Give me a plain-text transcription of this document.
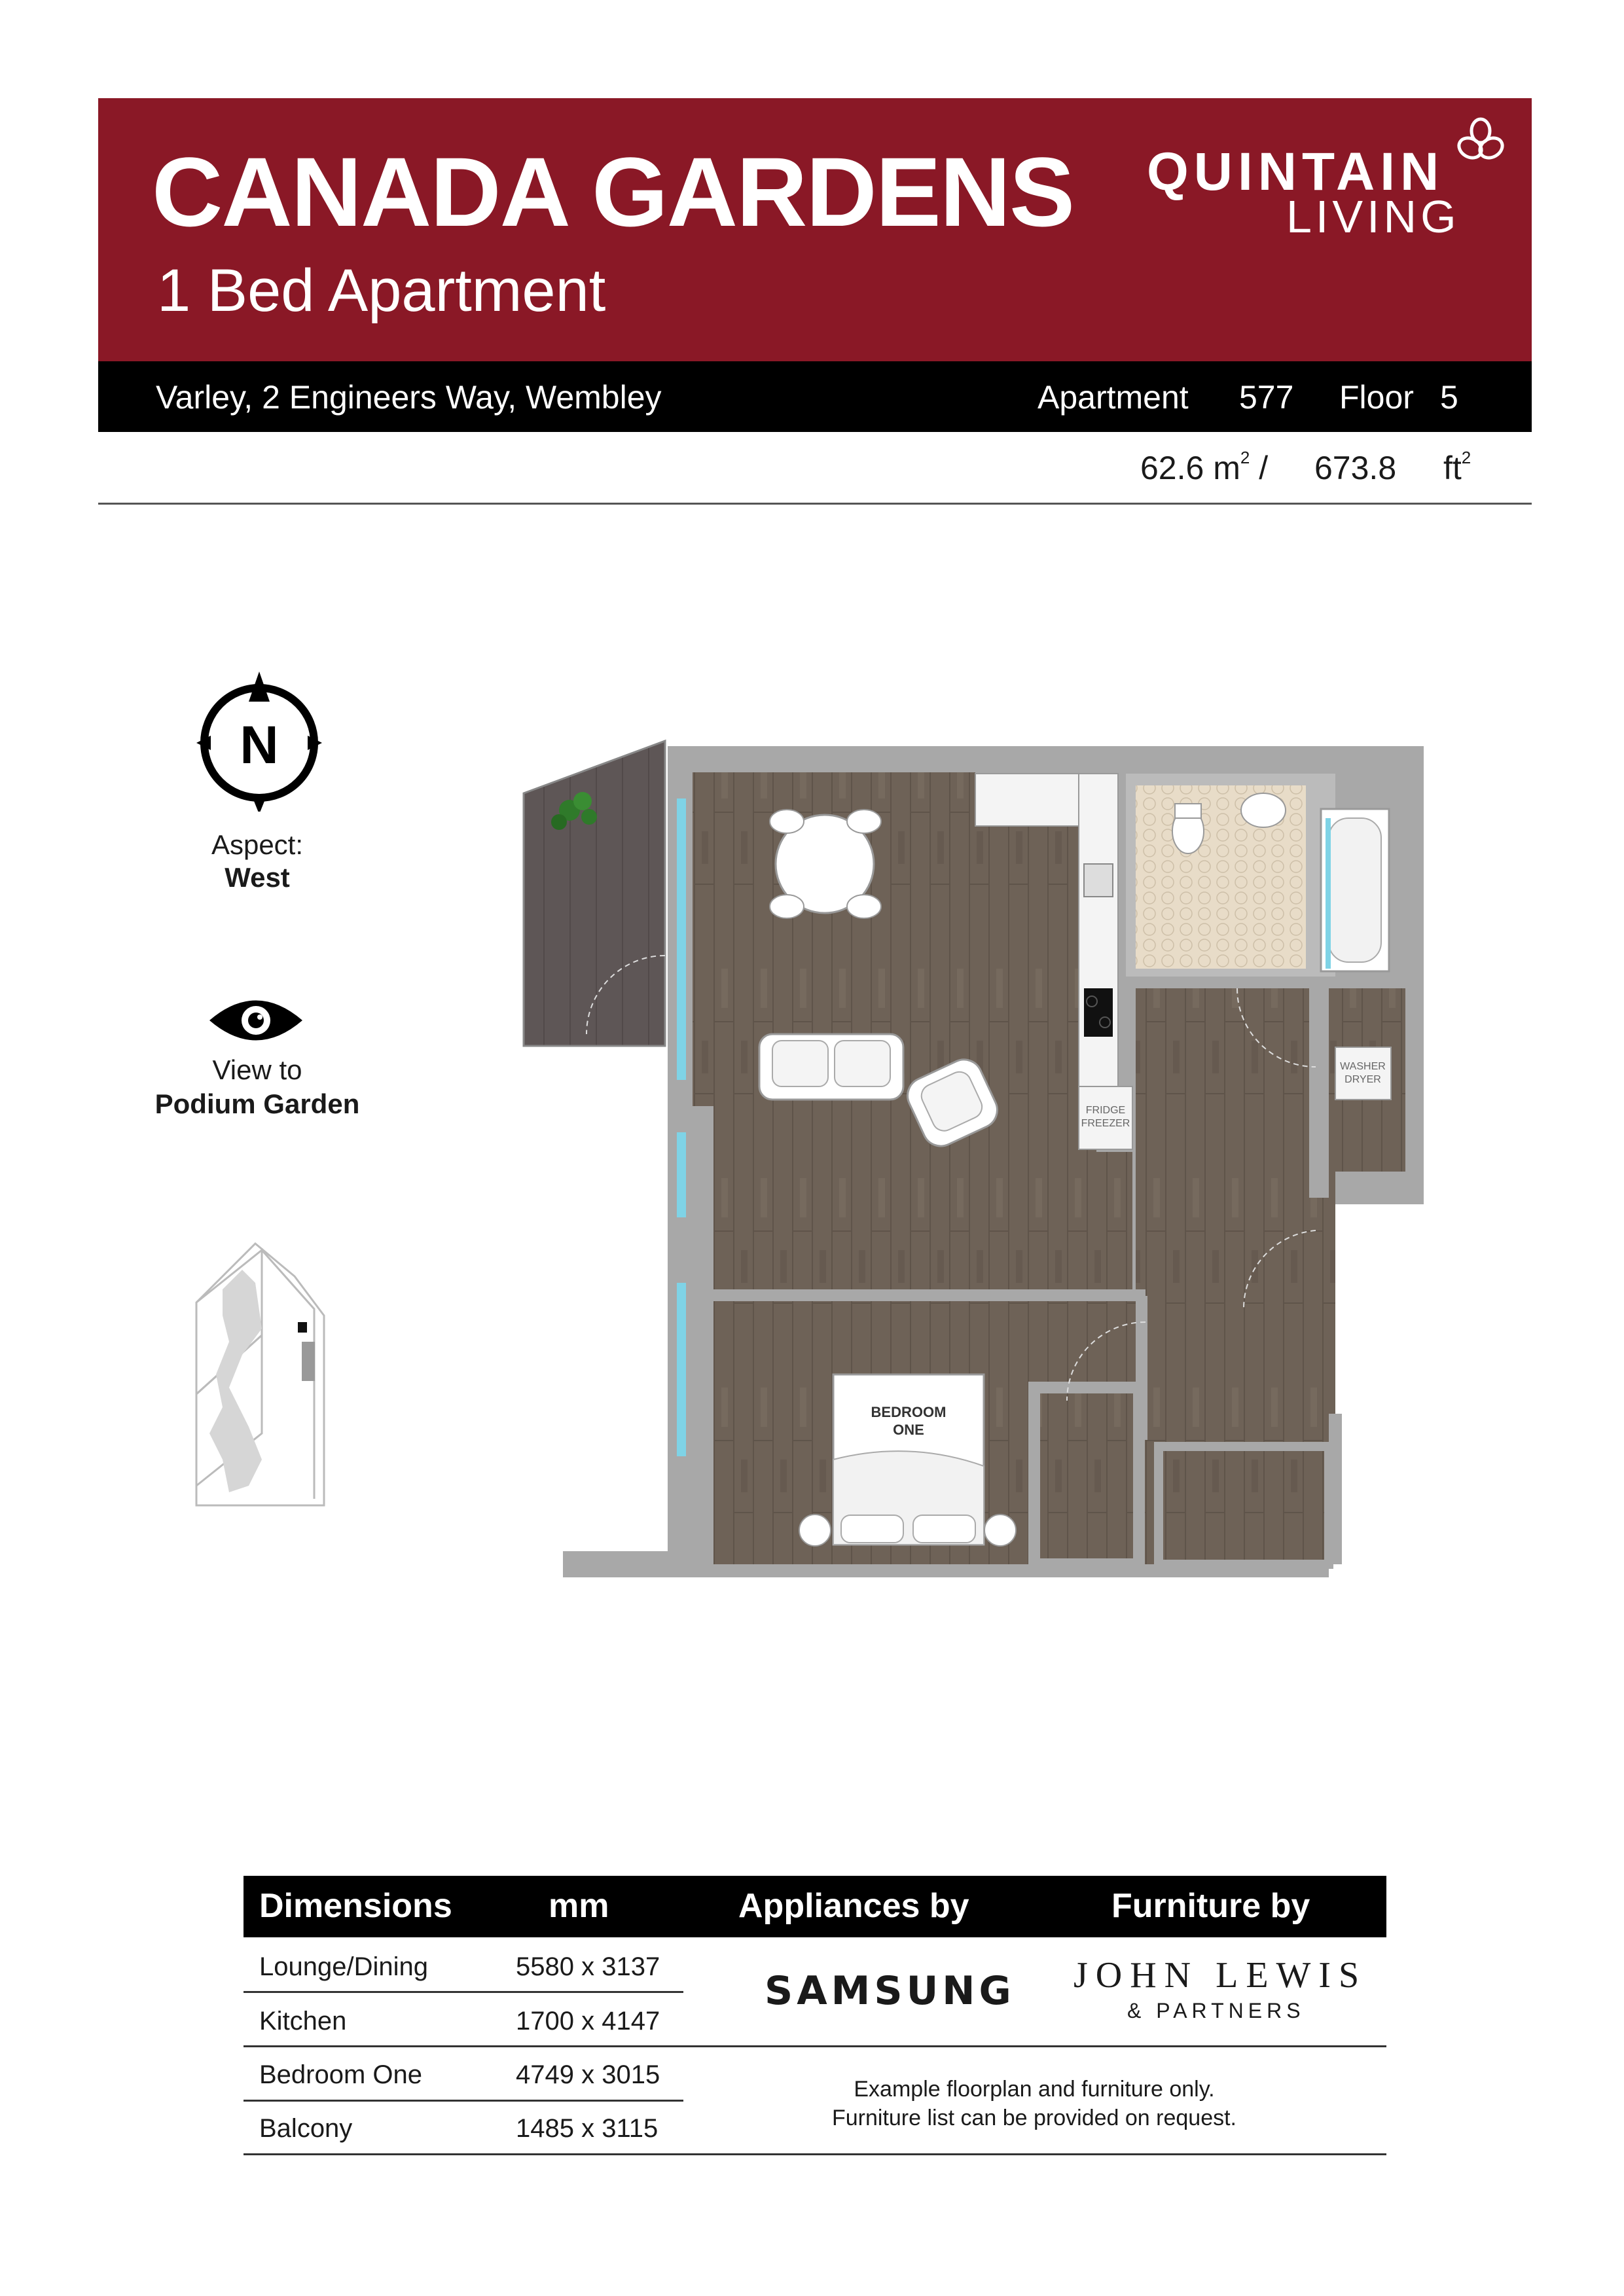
CANADA GARDENS
1 Bed Apartment
QUINTAIN
LIVING
Varley, 2 Engineers Way, Wembley	Apartment 577 Floor 5
62.6 $m^2 / 673.8$ $ft^2$
N
Aspect:
West
View to
Podium Garden	FRIDGE
FREEZER
WASHER
DRYER
BEDROOM
ONE
Dimensions	mm	Appliances by	Furniture by
Lounge/Dining	5580 x 3137
Kitchen	1700 x 4147
Bedroom One	4749 x 3015
Balcony	1485 x 3115
SAMSUNG JOHN LEWIS
& PARTNERS
Example floorplan and furniture only.
Furniture list can be provided on request.
